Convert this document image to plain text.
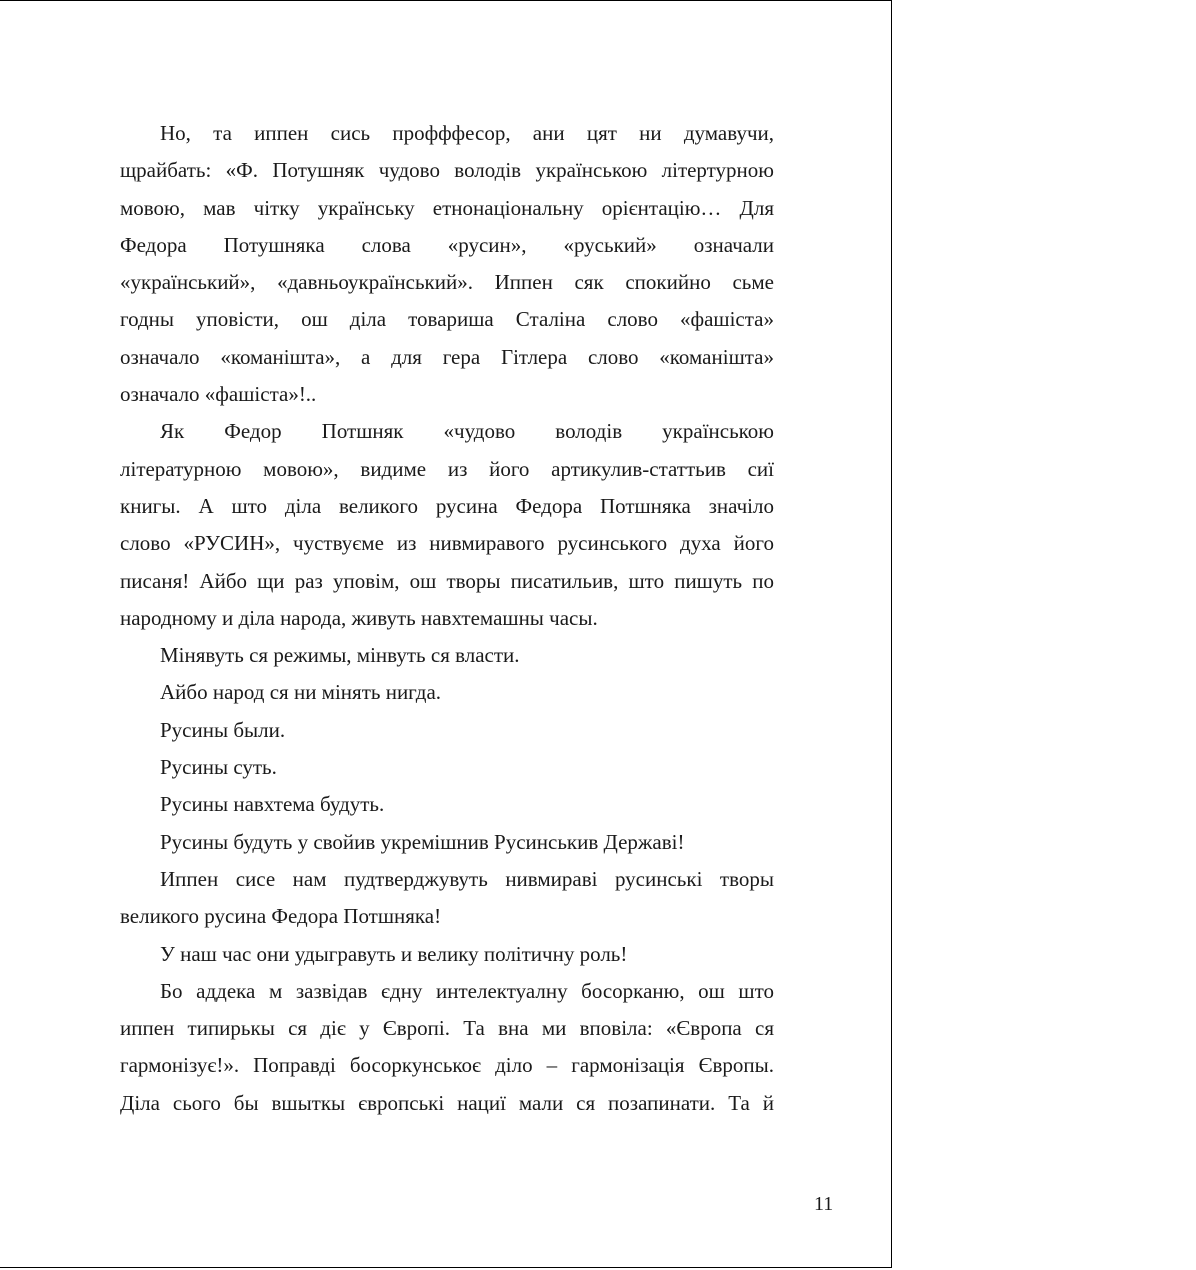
Но, та иппен сись профффесор, ани цят ни думавучи,
щрайбать: «Ф. Потушняк чудово володів українською літертурною
мовою, мав чітку українську етнонаціональну орієнтацію… Для
Федора Потушняка слова «русин», «руський» означали
«український», «давньоукраїнський». Иппен сяк спокийно сьме
годны уповісти, ош діла товариша Сталіна слово «фашіста»
означало «команішта», а для гера Гітлера слово «команішта»
означало «фашіста»!..
Як Федор Потшняк «чудово володів українською
літературною мовою», видиме из його артикулив-статтьив сиї
книгы. А што діла великого русина Федора Потшняка значіло
слово «РУСИН», чуствуєме из нивмиравого русинського духа його
писаня! Айбо щи раз уповім, ош творы писатильив, што пишуть по
народному и діла народа, живуть навхтемашны часы.
Мінявуть ся режимы, мінвуть ся власти.
Айбо народ ся ни мінять нигда.
Русины были.
Русины суть.
Русины навхтема будуть.
Русины будуть у свойив укремішнив Русинськив Державі!
Иппен сисе нам пудтверджувуть нивмираві русинські творы
великого русина Федора Потшняка!
У наш час они удыгравуть и велику політичну роль!
Бо аддека м зазвідав єдну интелектуалну босорканю, ош што
иппен типирькы ся діє у Європі. Та вна ми вповіла: «Європа ся
гармонізує!». Поправді босоркунськоє діло – гармонізація Європы.
Діла сього бы вшыткы європські нациї мали ся позапинати. Та й
11
